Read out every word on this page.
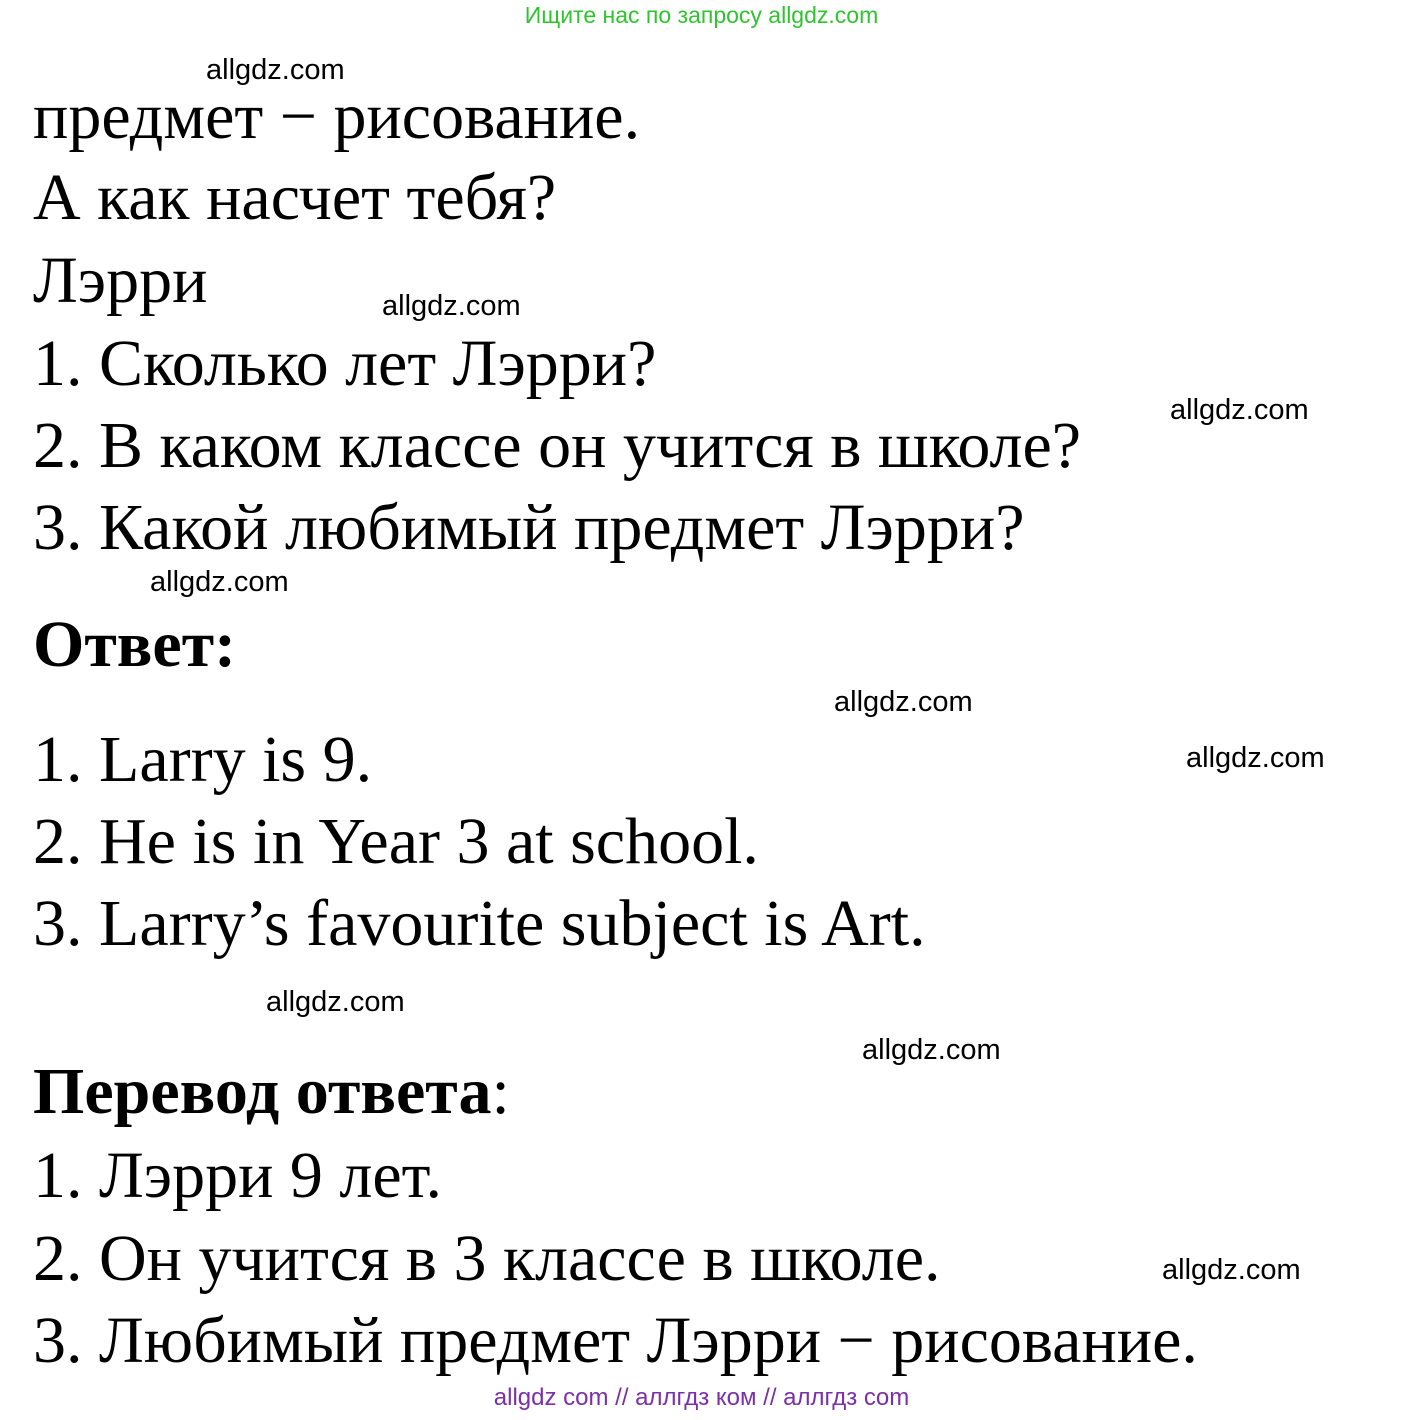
Ищите нас по запросу allgdz.com
allgdz.com
allgdz.com
allgdz.com
allgdz.com
allgdz.com
allgdz.com
allgdz.com
allgdz.com
allgdz.com
предмет − рисование.
А как насчет тебя?
Лэрри
1. Сколько лет Лэрри?
2. В каком классе он учится в школе?
3. Какой любимый предмет Лэрри?
Ответ:
1. Larry is 9.
2. He is in Year 3 at school.
3. Larry’s favourite subject is Art.
Перевод ответа:
1. Лэрри 9 лет.
2. Он учится в 3 классе в школе.
3. Любимый предмет Лэрри − рисование.
allgdz com // аллгдз ком // аллгдз com
